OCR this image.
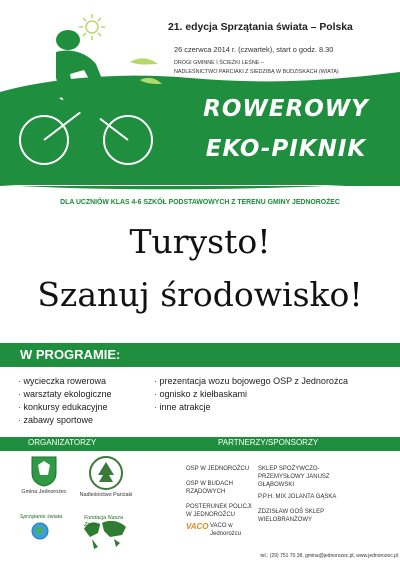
21. edycja Sprzątania świata – Polska
26 czerwca 2014 r. (czwartek), start o godz. 8.30
DROGI GMINNE I ŚCIEŻKI LEŚNE –
NADLEŚNICTWO PARCIAKI Z SIEDZIBĄ W BUDZISKACH (WIATA)
ROWEROWY
EKO-PIKNIK
DLA UCZNIÓW KLAS 4-6 SZKÓŁ PODSTAWOWYCH Z TERENU GMINY JEDNOROŻEC
Turysto!
Szanuj środowisko!
W PROGRAMIE:
· wycieczka rowerowa
· warsztaty ekologiczne
· konkursy edukacyjne
· zabawy sportowe
· prezentacja wozu bojowego OSP z Jednorożca
· ognisko z kiełbaskami
· inne atrakcje
ORGANIZATORZY	PARTNERZY/SPONSORZY
Gmina Jednorożec	Nadleśnictwo Parciaki
Sprzątanie świata	Fundacja Nasza Ziemia
OSP W JEDNOROŻCU
OSP W BUDACH RZĄDOWYCH
POSTERUNEK POLICJI W JEDNOROŻCU
VACO VACO w Jednorożcu
SKLEP SPOŻYWCZO-PRZEMYSŁOWY JANUSZ GŁĄBOWSKI
P.P.H. MIX JOLANTA GĄSKA
ZDZISŁAW GOŚ SKLEP WIELOBRANŻOWY
tel.: (29) 751 70 38, gmina@jednorozec.pl, www.jednorozec.pl
